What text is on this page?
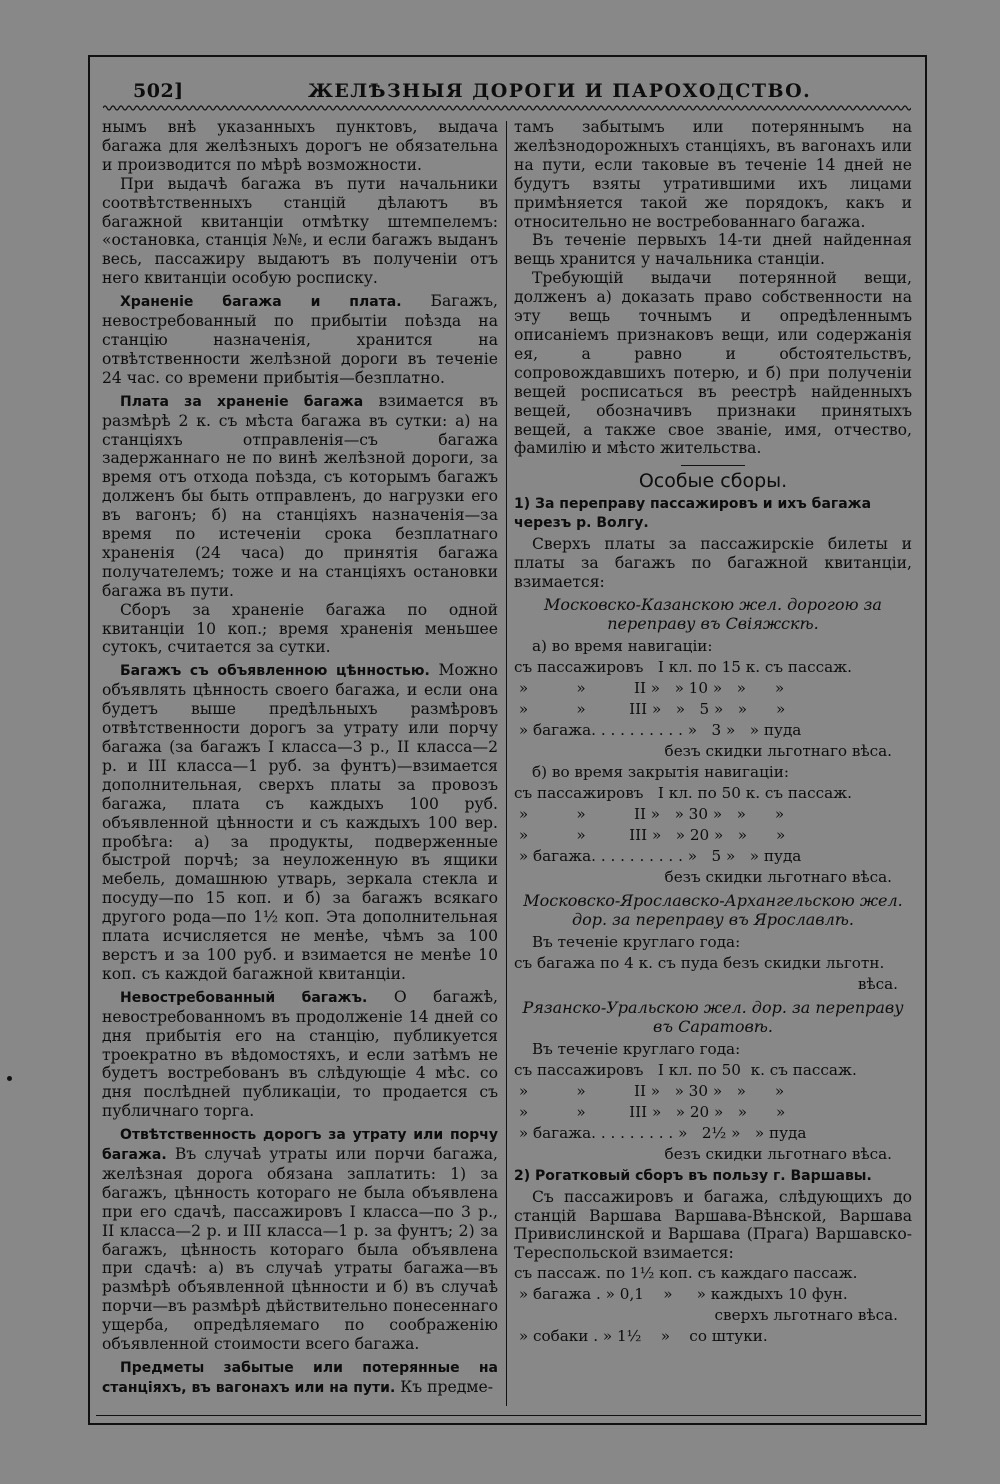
502]	ЖЕЛѢЗНЫЯ ДОРОГИ И ПАРОХОДСТВО.

нымъ внѣ указанныхъ пунктовъ, выдача багажа для желѣзныхъ дорогъ не обязательна и производится по мѣрѣ возможности.

При выдачѣ багажа въ пути начальники соотвѣтственныхъ станцій дѣлаютъ въ багажной квитанціи отмѣтку штемпелемъ: «остановка, станція №№, и если багажъ выданъ весь, пассажиру выдаютъ въ полученіи отъ него квитанціи особую росписку.

Храненіе багажа и плата. Багажъ, невостребованный по прибытіи поѣзда на станцію назначенія, хранится на отвѣтственности желѣзной дороги въ теченіе 24 час. со времени прибытія—безплатно.

Плата за храненіе багажа взимается въ размѣрѣ 2 к. съ мѣста багажа въ сутки: а) на станціяхъ отправленія—съ багажа задержаннаго не по винѣ желѣзной дороги, за время отъ отхода поѣзда, съ которымъ багажъ долженъ бы быть отправленъ, до нагрузки его въ вагонъ; б) на станціяхъ назначенія—за время по истеченіи срока безплатнаго храненія (24 часа) до принятія багажа получателемъ; тоже и на станціяхъ остановки багажа въ пути.

Сборъ за храненіе багажа по одной квитанціи 10 коп.; время храненія меньшее сутокъ, считается за сутки.

Багажъ съ объявленною цѣнностью. Можно объявлять цѣнность своего багажа, и если она будетъ выше предѣльныхъ размѣровъ отвѣтственности дорогъ за утрату или порчу багажа (за багажъ I класса—3 р., II класса—2 р. и III класса—1 руб. за фунтъ)—взимается дополнительная, сверхъ платы за провозъ багажа, плата съ каждыхъ 100 руб. объявленной цѣнности и съ каждыхъ 100 вер. пробѣга: а) за продукты, подверженные быстрой порчѣ; за неуложенную въ ящики мебель, домашнюю утварь, зеркала стекла и посуду—по 15 коп. и б) за багажъ всякаго другого рода—по 1½ коп. Эта дополнительная плата исчисляется не менѣе, чѣмъ за 100 верстъ и за 100 руб. и взимается не менѣе 10 коп. съ каждой багажной квитанціи.

Невостребованный багажъ. О багажѣ, невостребованномъ въ продолженіе 14 дней со дня прибытія его на станцію, публикуется троекратно въ вѣдомостяхъ, и если затѣмъ не будетъ востребованъ въ слѣдующіе 4 мѣс. со дня послѣдней публикаціи, то продается съ публичнаго торга.

Отвѣтственность дорогъ за утрату или порчу багажа. Въ случаѣ утраты или порчи багажа, желѣзная дорога обязана заплатить: 1) за багажъ, цѣнность котораго не была объявлена при его сдачѣ, пассажировъ I класса—по 3 р., II класса—2 р. и III класса—1 р. за фунтъ; 2) за багажъ, цѣнность котораго была объявлена при сдачѣ: а) въ случаѣ утраты багажа—въ размѣрѣ объявленной цѣнности и б) въ случаѣ порчи—въ размѣрѣ дѣйствительно понесеннаго ущерба, опредѣляемаго по соображенію объявленной стоимости всего багажа.

Предметы забытые или потерянные на станціяхъ, въ вагонахъ или на пути. Къ предме-

тамъ забытымъ или потеряннымъ на желѣзнодорожныхъ станціяхъ, въ вагонахъ или на пути, если таковые въ теченіе 14 дней не будутъ взяты утратившими ихъ лицами примѣняется такой же порядокъ, какъ и относительно не востребованнаго багажа.

Въ теченіе первыхъ 14-ти дней найденная вещь хранится у начальника станціи.

Требующій выдачи потерянной вещи, долженъ а) доказать право собственности на эту вещь точнымъ и опредѣленнымъ описаніемъ признаковъ вещи, или содержанія ея, а равно и обстоятельствъ, сопровождавшихъ потерю, и б) при полученіи вещей росписаться въ реестрѣ найденныхъ вещей, обозначивъ признаки принятыхъ вещей, а также свое званіе, имя, отчество, фамилію и мѣсто жительства.

Особые сборы.
1) За переправу пассажировъ и ихъ багажа черезъ р. Волгу.

Сверхъ платы за пассажирскіе билеты и платы за багажъ по багажной квитанціи, взимается:

Московско-Казанскою жел. дорогою за переправу въ Свіяжскѣ.
а) во время навигаціи:
съ пассажировъ   I кл. по 15 к. съ пассаж.
»          »          II »   » 10 »   »      »
»          »         III »   »   5 »   »      »
» багажа. . . . . . . . . . »   3 »   » пуда
безъ скидки льготнаго вѣса.
б) во время закрытія навигаціи:
съ пассажировъ   I кл. по 50 к. съ пассаж.
»          »          II »   » 30 »   »      »
»          »         III »   » 20 »   »      »
» багажа. . . . . . . . . . »   5 »   » пуда
безъ скидки льготнаго вѣса.
Московско-Ярославско-Архангельскою жел. дор. за переправу въ Ярославлѣ.
Въ теченіе круглаго года:
съ багажа по 4 к. съ пуда безъ скидки льготн.
вѣса.
Рязанско-Уральскою жел. дор. за переправу въ Саратовѣ.
Въ теченіе круглаго года:
съ пассажировъ   I кл. по 50  к. съ пассаж.
»          »          II »   » 30 »   »      »
»          »         III »   » 20 »   »      »
» багажа. . . . . . . . . »   2½ »   » пуда
безъ скидки льготнаго вѣса.
2) Рогатковый сборъ въ пользу г. Варшавы.

Съ пассажировъ и багажа, слѣдующихъ до станцій Варшава Варшава-Вѣнской, Варшава Привислинской и Варшава (Прага) Варшавско-Тереспольской взимается:

съ пассаж. по 1½ коп. съ каждаго пассаж.
» багажа . » 0,1    »     » каждыхъ 10 фун.
сверхъ льготнаго вѣса.
» собаки . » 1½    »    со штуки.
